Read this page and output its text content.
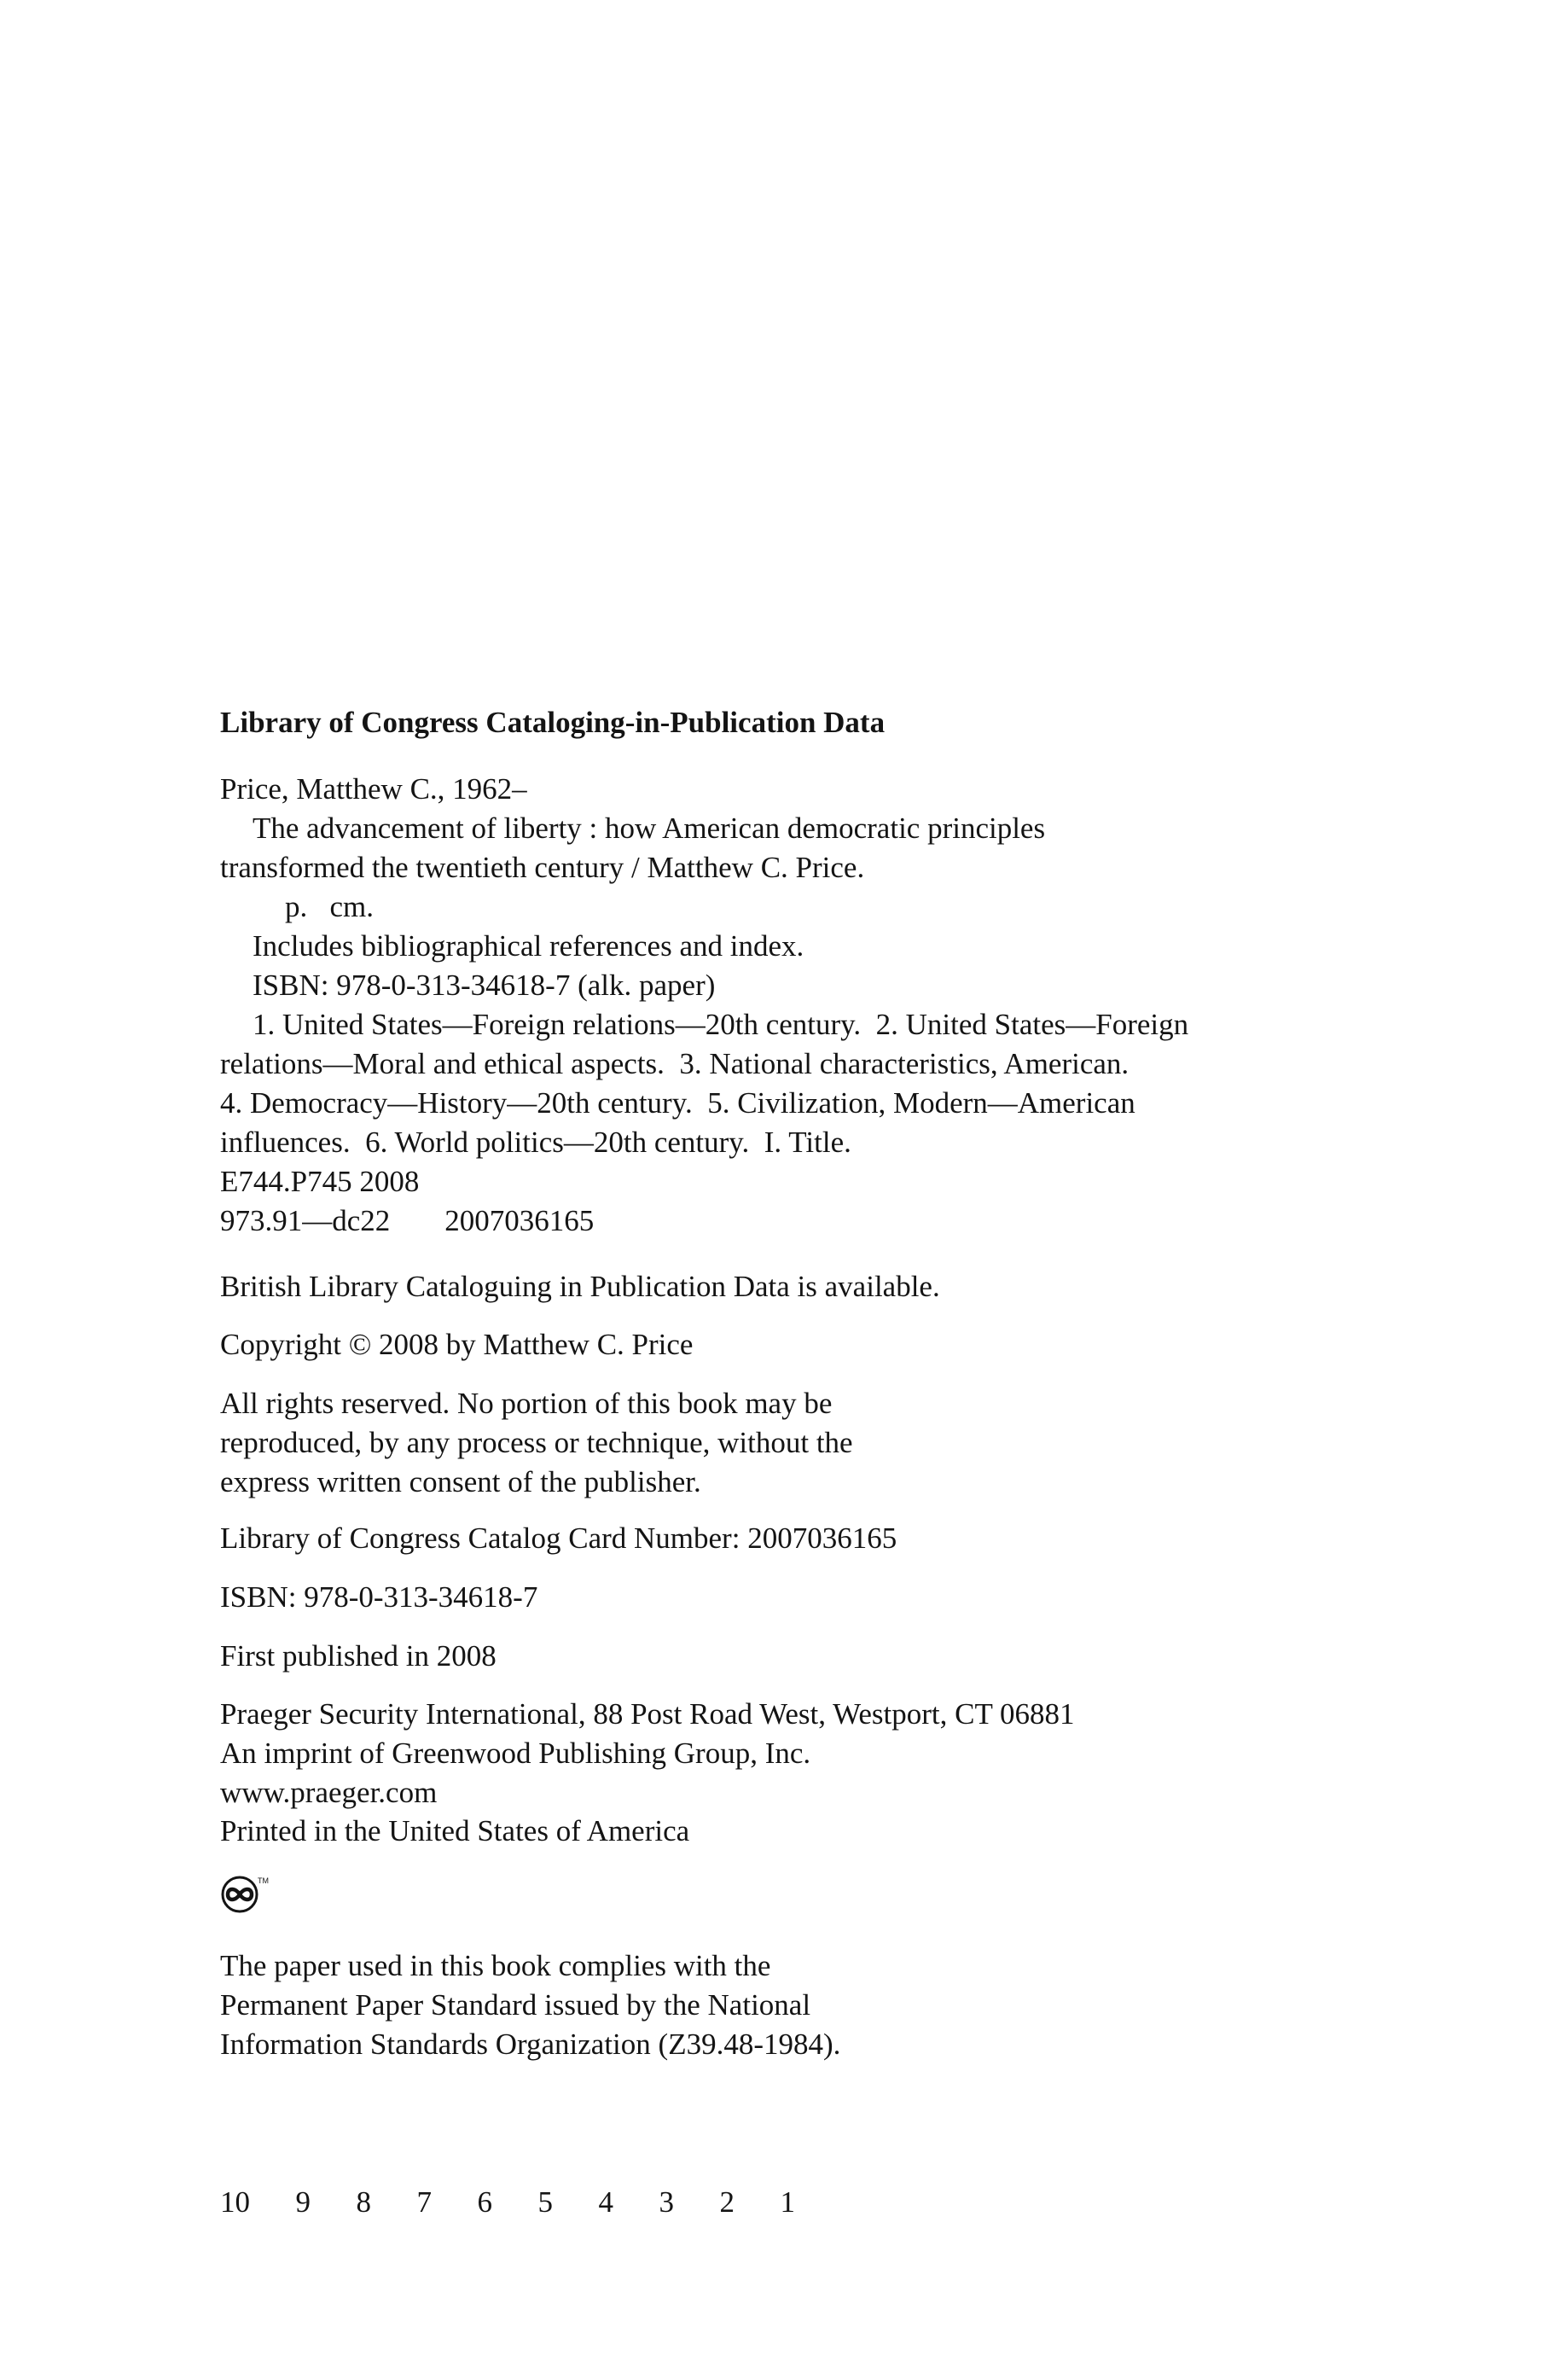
Library of Congress Cataloging-in-Publication Data
Price, Matthew C., 1962–
The advancement of liberty : how American democratic principles
transformed the twentieth century / Matthew C. Price.
p.   cm.
Includes bibliographical references and index.
ISBN: 978-0-313-34618-7 (alk. paper)
1. United States—Foreign relations—20th century.  2. United States—Foreign
relations—Moral and ethical aspects.  3. National characteristics, American.
4. Democracy—History—20th century.  5. Civilization, Modern—American
influences.  6. World politics—20th century.  I. Title.
E744.P745 2008
973.91—dc22 2007036165
British Library Cataloguing in Publication Data is available.
Copyright © 2008 by Matthew C. Price
All rights reserved. No portion of this book may be
reproduced, by any process or technique, without the
express written consent of the publisher.
Library of Congress Catalog Card Number: 2007036165
ISBN: 978-0-313-34618-7
First published in 2008
Praeger Security International, 88 Post Road West, Westport, CT 06881
An imprint of Greenwood Publishing Group, Inc.
www.praeger.com
Printed in the United States of America
TM
The paper used in this book complies with the
Permanent Paper Standard issued by the National
Information Standards Organization (Z39.48-1984).
10  9  8  7  6  5  4  3  2  1
